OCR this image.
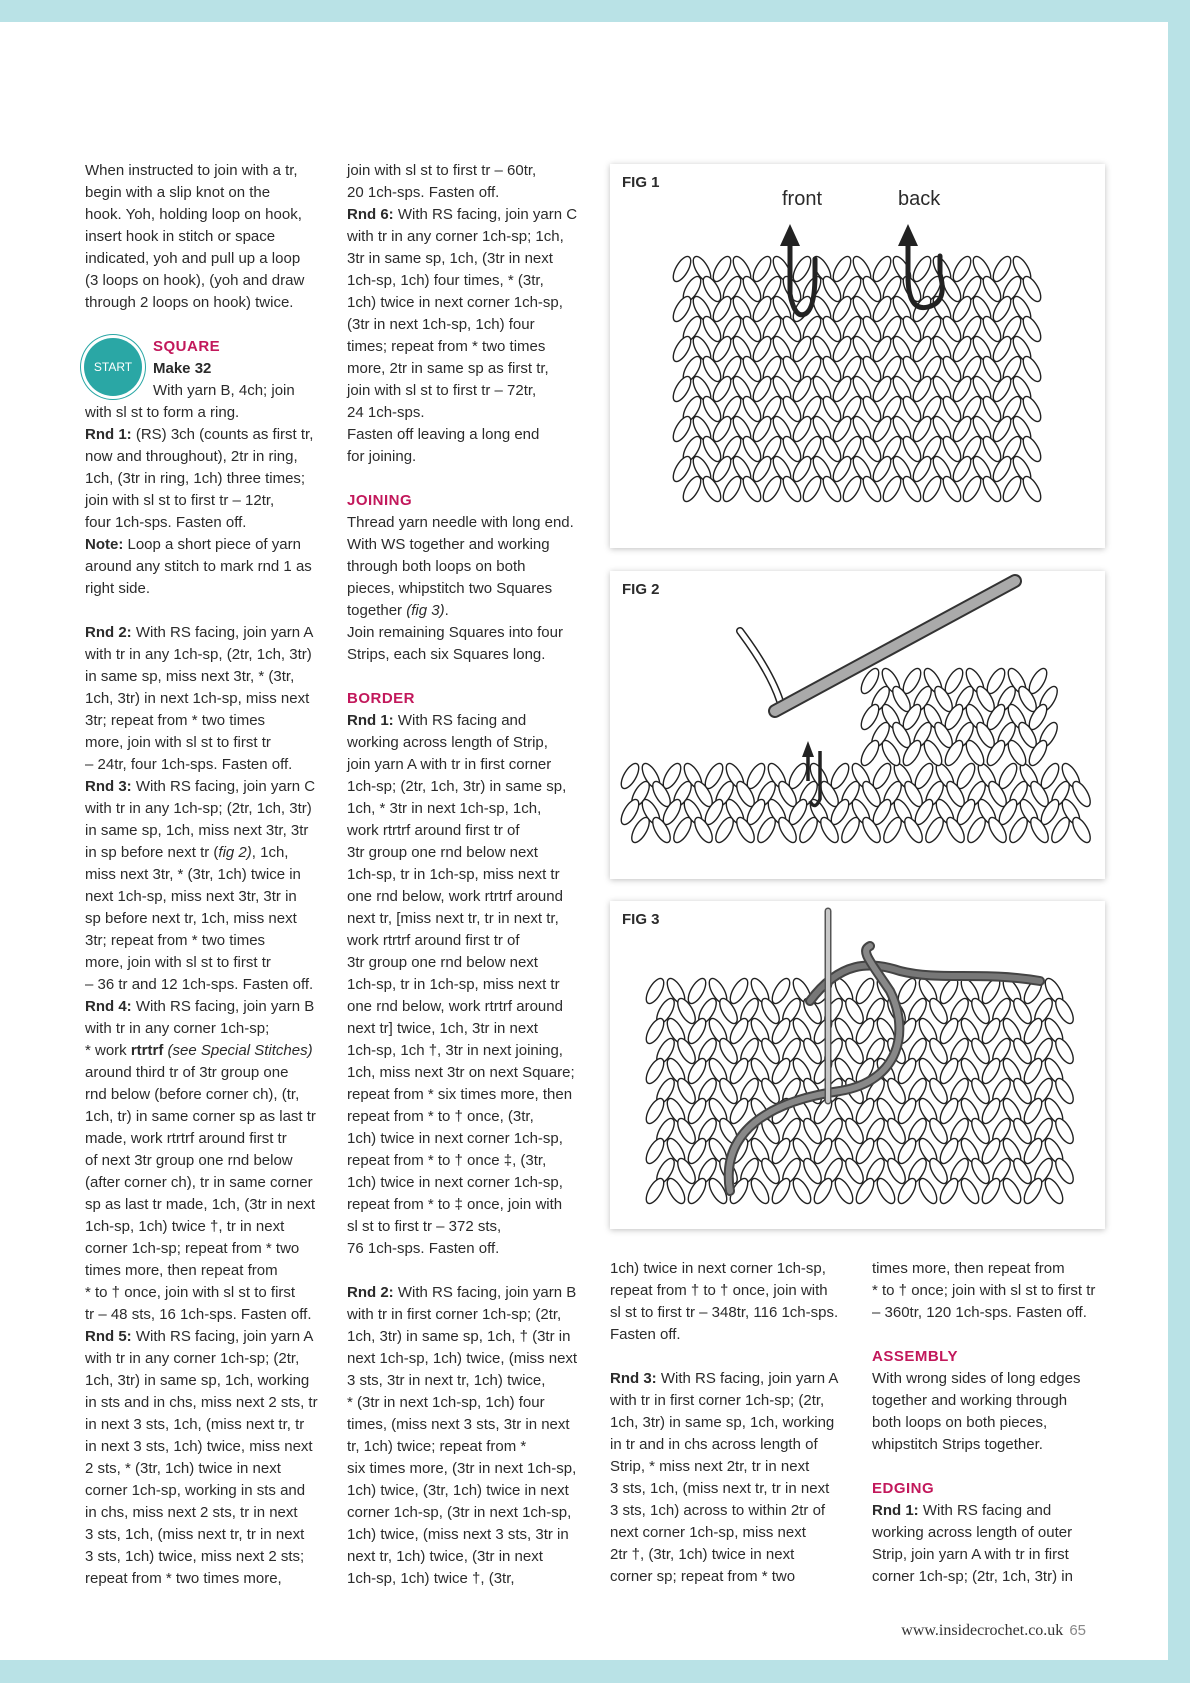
When instructed to join with a tr,

begin with a slip knot on the

hook. Yoh, holding loop on hook,

insert hook in stitch or space

indicated, yoh and pull up a loop

(3 loops on hook), (yoh and draw

through 2 loops on hook) twice.

START

SQUARE

Make 32

With yarn B, 4ch; join

with sl st to form a ring.

Rnd 1: (RS) 3ch (counts as first tr,

now and throughout), 2tr in ring,

1ch, (3tr in ring, 1ch) three times;

join with sl st to first tr – 12tr,

four 1ch-sps. Fasten off.

Note: Loop a short piece of yarn

around any stitch to mark rnd 1 as

right side.

Rnd 2: With RS facing, join yarn A

with tr in any 1ch-sp, (2tr, 1ch, 3tr)

in same sp, miss next 3tr, * (3tr,

1ch, 3tr) in next 1ch-sp, miss next

3tr; repeat from * two times

more, join with sl st to first tr

– 24tr, four 1ch-sps. Fasten off.

Rnd 3: With RS facing, join yarn C

with tr in any 1ch-sp; (2tr, 1ch, 3tr)

in same sp, 1ch, miss next 3tr, 3tr

in sp before next tr (fig 2), 1ch,

miss next 3tr, * (3tr, 1ch) twice in

next 1ch-sp, miss next 3tr, 3tr in

sp before next tr, 1ch, miss next

3tr; repeat from * two times

more, join with sl st to first tr

– 36 tr and 12 1ch-sps. Fasten off.

Rnd 4: With RS facing, join yarn B

with tr in any corner 1ch-sp;

* work rtrtrf (see Special Stitches)

around third tr of 3tr group one

rnd below (before corner ch), (tr,

1ch, tr) in same corner sp as last tr

made, work rtrtrf around first tr

of next 3tr group one rnd below

(after corner ch), tr in same corner

sp as last tr made, 1ch, (3tr in next

1ch-sp, 1ch) twice †, tr in next

corner 1ch-sp; repeat from * two

times more, then repeat from

* to † once, join with sl st to first

tr – 48 sts, 16 1ch-sps. Fasten off.

Rnd 5: With RS facing, join yarn A

with tr in any corner 1ch-sp; (2tr,

1ch, 3tr) in same sp, 1ch, working

in sts and in chs, miss next 2 sts, tr

in next 3 sts, 1ch, (miss next tr, tr

in next 3 sts, 1ch) twice, miss next

2 sts, * (3tr, 1ch) twice in next

corner 1ch-sp, working in sts and

in chs, miss next 2 sts, tr in next

3 sts, 1ch, (miss next tr, tr in next

3 sts, 1ch) twice, miss next 2 sts;

repeat from * two times more,

join with sl st to first tr – 60tr,

20 1ch-sps. Fasten off.

Rnd 6: With RS facing, join yarn C

with tr in any corner 1ch-sp; 1ch,

3tr in same sp, 1ch, (3tr in next

1ch-sp, 1ch) four times, * (3tr,

1ch) twice in next corner 1ch-sp,

(3tr in next 1ch-sp, 1ch) four

times; repeat from * two times

more, 2tr in same sp as first tr,

join with sl st to first tr – 72tr,

24 1ch-sps.

Fasten off leaving a long end

for joining.

JOINING

Thread yarn needle with long end.

With WS together and working

through both loops on both

pieces, whipstitch two Squares

together (fig 3).

Join remaining Squares into four

Strips, each six Squares long.

BORDER

Rnd 1: With RS facing and

working across length of Strip,

join yarn A with tr in first corner

1ch-sp; (2tr, 1ch, 3tr) in same sp,

1ch, * 3tr in next 1ch-sp, 1ch,

work rtrtrf around first tr of

3tr group one rnd below next

1ch-sp, tr in 1ch-sp, miss next tr

one rnd below, work rtrtrf around

next tr, [miss next tr, tr in next tr,

work rtrtrf around first tr of

3tr group one rnd below next

1ch-sp, tr in 1ch-sp, miss next tr

one rnd below, work rtrtrf around

next tr] twice, 1ch, 3tr in next

1ch-sp, 1ch †, 3tr in next joining,

1ch, miss next 3tr on next Square;

repeat from * six times more, then

repeat from * to † once, (3tr,

1ch) twice in next corner 1ch-sp,

repeat from * to † once ‡, (3tr,

1ch) twice in next corner 1ch-sp,

repeat from * to ‡ once, join with

sl st to first tr – 372 sts,

76 1ch-sps. Fasten off.

Rnd 2: With RS facing, join yarn B

with tr in first corner 1ch-sp; (2tr,

1ch, 3tr) in same sp, 1ch, † (3tr in

next 1ch-sp, 1ch) twice, (miss next

3 sts, 3tr in next tr, 1ch) twice,

* (3tr in next 1ch-sp, 1ch) four

times, (miss next 3 sts, 3tr in next

tr, 1ch) twice; repeat from *

six times more, (3tr in next 1ch-sp,

1ch) twice, (3tr, 1ch) twice in next

corner 1ch-sp, (3tr in next 1ch-sp,

1ch) twice, (miss next 3 sts, 3tr in

next tr, 1ch) twice, (3tr in next

1ch-sp, 1ch) twice †, (3tr,

1ch) twice in next corner 1ch-sp,

repeat from † to † once, join with

sl st to first tr – 348tr, 116 1ch-sps.

Fasten off.

Rnd 3: With RS facing, join yarn A

with tr in first corner 1ch-sp; (2tr,

1ch, 3tr) in same sp, 1ch, working

in tr and in chs across length of

Strip, * miss next 2tr, tr in next

3 sts, 1ch, (miss next tr, tr in next

3 sts, 1ch) across to within 2tr of

next corner 1ch-sp, miss next

2tr †, (3tr, 1ch) twice in next

corner sp; repeat from * two

times more, then repeat from

* to † once; join with sl st to first tr

– 360tr, 120 1ch-sps. Fasten off.

ASSEMBLY

With wrong sides of long edges

together and working through

both loops on both pieces,

whipstitch Strips together.

EDGING

Rnd 1: With RS facing and

working across length of outer

Strip, join yarn A with tr in first

corner 1ch-sp; (2tr, 1ch, 3tr) in

FIG 1
front	back
FIG 2
FIG 3
www.insidecrochet.co.uk 65
